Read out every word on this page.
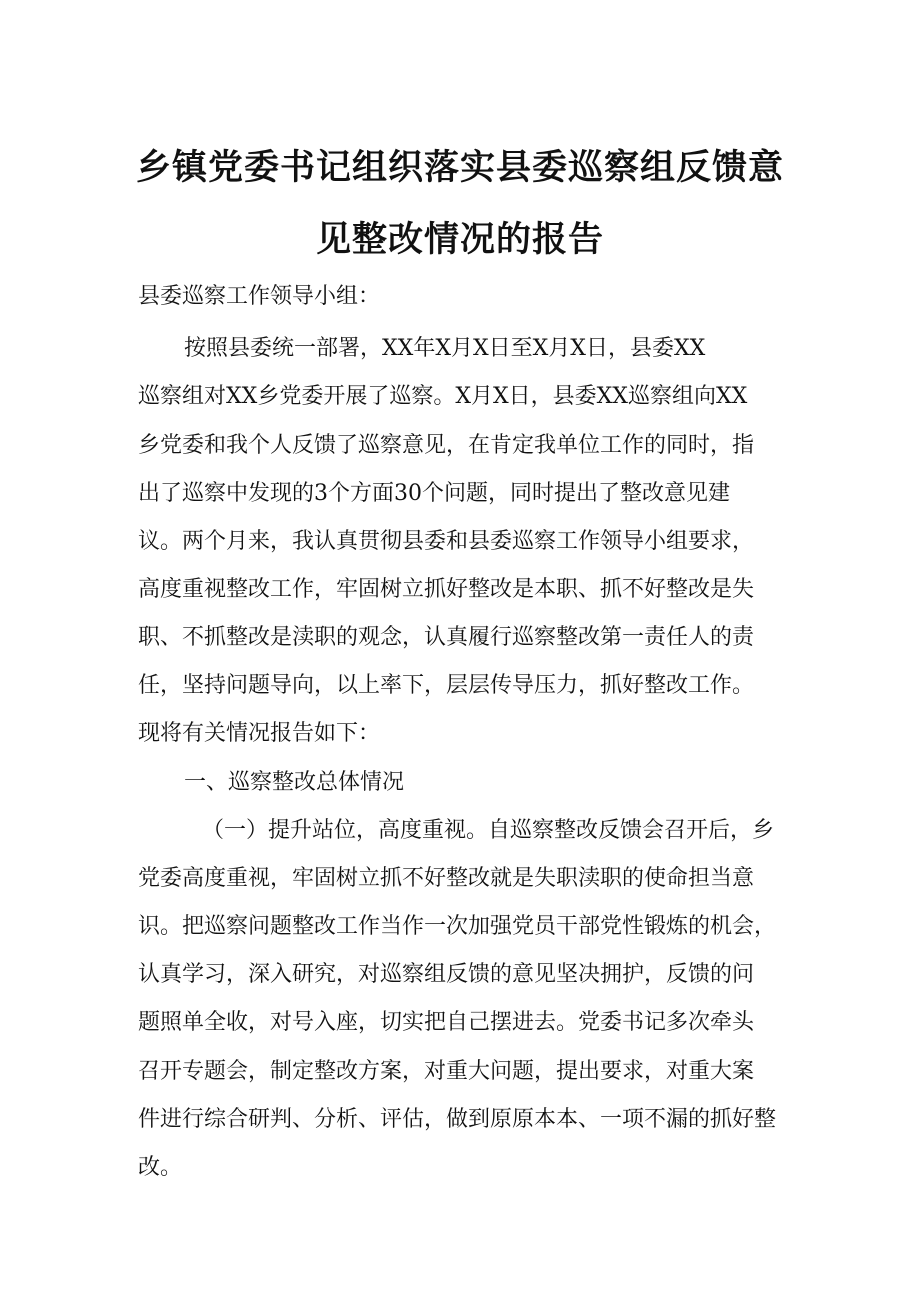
乡镇党委书记组织落实县委巡察组反馈意
见整改情况的报告
县委巡察工作领导小组：
按照县委统一部署，XX年X月X日至X月X日，县委XX
巡察组对XX乡党委开展了巡察。X月X日，县委XX巡察组向XX
乡党委和我个人反馈了巡察意见，在肯定我单位工作的同时，指
出了巡察中发现的3个方面30个问题，同时提出了整改意见建
议。两个月来，我认真贯彻县委和县委巡察工作领导小组要求，
高度重视整改工作，牢固树立抓好整改是本职、抓不好整改是失
职、不抓整改是渎职的观念，认真履行巡察整改第一责任人的责
任，坚持问题导向，以上率下，层层传导压力，抓好整改工作。
现将有关情况报告如下：
一、巡察整改总体情况
（一）提升站位，高度重视。自巡察整改反馈会召开后，乡
党委高度重视，牢固树立抓不好整改就是失职渎职的使命担当意
识。把巡察问题整改工作当作一次加强党员干部党性锻炼的机会，
认真学习，深入研究，对巡察组反馈的意见坚决拥护，反馈的问
题照单全收，对号入座，切实把自己摆进去。党委书记多次牵头
召开专题会，制定整改方案，对重大问题，提出要求，对重大案
件进行综合研判、分析、评估，做到原原本本、一项不漏的抓好整
改。
